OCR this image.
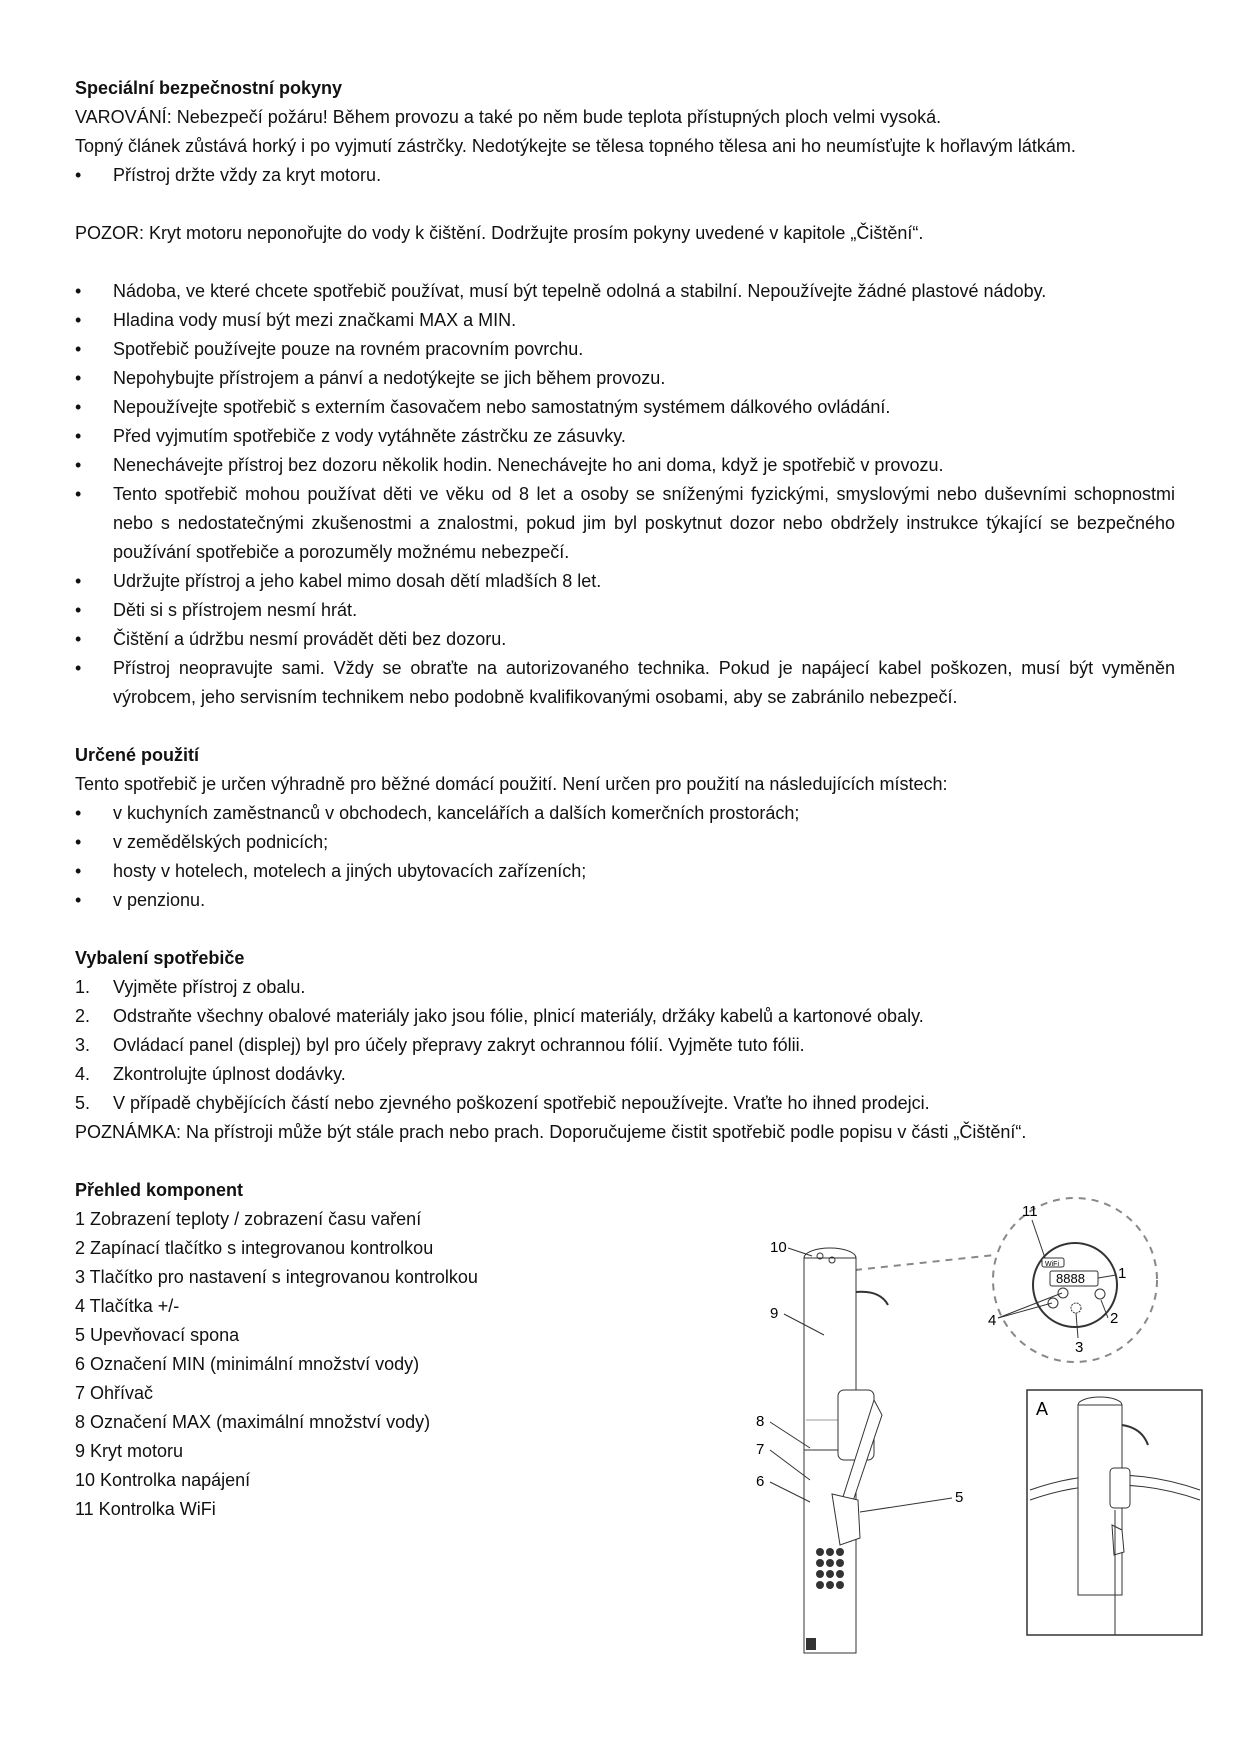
Speciální bezpečnostní pokyny

VAROVÁNÍ: Nebezpečí požáru! Během provozu a také po něm bude teplota přístupných ploch velmi vysoká.

Topný článek zůstává horký i po vyjmutí zástrčky. Nedotýkejte se tělesa topného tělesa ani ho neumísťujte k hořlavým látkám.

•	Přístroj držte vždy za kryt motoru.

POZOR: Kryt motoru neponořujte do vody k čištění. Dodržujte prosím pokyny uvedené v kapitole „Čištění“.

•	Nádoba, ve které chcete spotřebič používat, musí být tepelně odolná a stabilní. Nepoužívejte žádné plastové nádoby.
•	Hladina vody musí být mezi značkami MAX a MIN.
•	Spotřebič používejte pouze na rovném pracovním povrchu.
•	Nepohybujte přístrojem a pánví a nedotýkejte se jich během provozu.
•	Nepoužívejte spotřebič s externím časovačem nebo samostatným systémem dálkového ovládání.
•	Před vyjmutím spotřebiče z vody vytáhněte zástrčku ze zásuvky.
•	Nenechávejte přístroj bez dozoru několik hodin. Nenechávejte ho ani doma, když je spotřebič v provozu.
•	Tento spotřebič mohou používat děti ve věku od 8 let a osoby se sníženými fyzickými, smyslovými nebo duševními schopnostmi nebo s nedostatečnými zkušenostmi a znalostmi, pokud jim byl poskytnut dozor nebo obdržely instrukce týkající se bezpečného používání spotřebiče a porozuměly možnému nebezpečí.
•	Udržujte přístroj a jeho kabel mimo dosah dětí mladších 8 let.
•	Děti si s přístrojem nesmí hrát.
•	Čištění a údržbu nesmí provádět děti bez dozoru.
•	Přístroj neopravujte sami. Vždy se obraťte na autorizovaného technika. Pokud je napájecí kabel poškozen, musí být vyměněn výrobcem, jeho servisním technikem nebo podobně kvalifikovanými osobami, aby se zabránilo nebezpečí.

Určené použití

Tento spotřebič je určen výhradně pro běžné domácí použití. Není určen pro použití na následujících místech:

•	v kuchyních zaměstnanců v obchodech, kancelářích a dalších komerčních prostorách;
•	v zemědělských podnicích;
•	hosty v hotelech, motelech a jiných ubytovacích zařízeních;
•	v penzionu.

Vybalení spotřebiče

1.	Vyjměte přístroj z obalu.
2.	Odstraňte všechny obalové materiály jako jsou fólie, plnicí materiály, držáky kabelů a kartonové obaly.
3.	Ovládací panel (displej) byl pro účely přepravy zakryt ochrannou fólií. Vyjměte tuto fólii.
4.	Zkontrolujte úplnost dodávky.
5.	V případě chybějících částí nebo zjevného poškození spotřebič nepoužívejte. Vraťte ho ihned prodejci.

POZNÁMKA: Na přístroji může být stále prach nebo prach. Doporučujeme čistit spotřebič podle popisu v části „Čištění“.

Přehled komponent

1 Zobrazení teploty / zobrazení času vaření

2 Zapínací tlačítko s integrovanou kontrolkou

3 Tlačítko pro nastavení s integrovanou kontrolkou

4 Tlačítka +/-

5 Upevňovací spona

6 Označení MIN (minimální množství vody)

7 Ohřívač

8 Označení MAX (maximální množství vody)

9 Kryt motoru

10 Kontrolka napájení

11 Kontrolka WiFi

WiFi
8888
11
1
2
3
4
10
9
8
7
6
5
A
